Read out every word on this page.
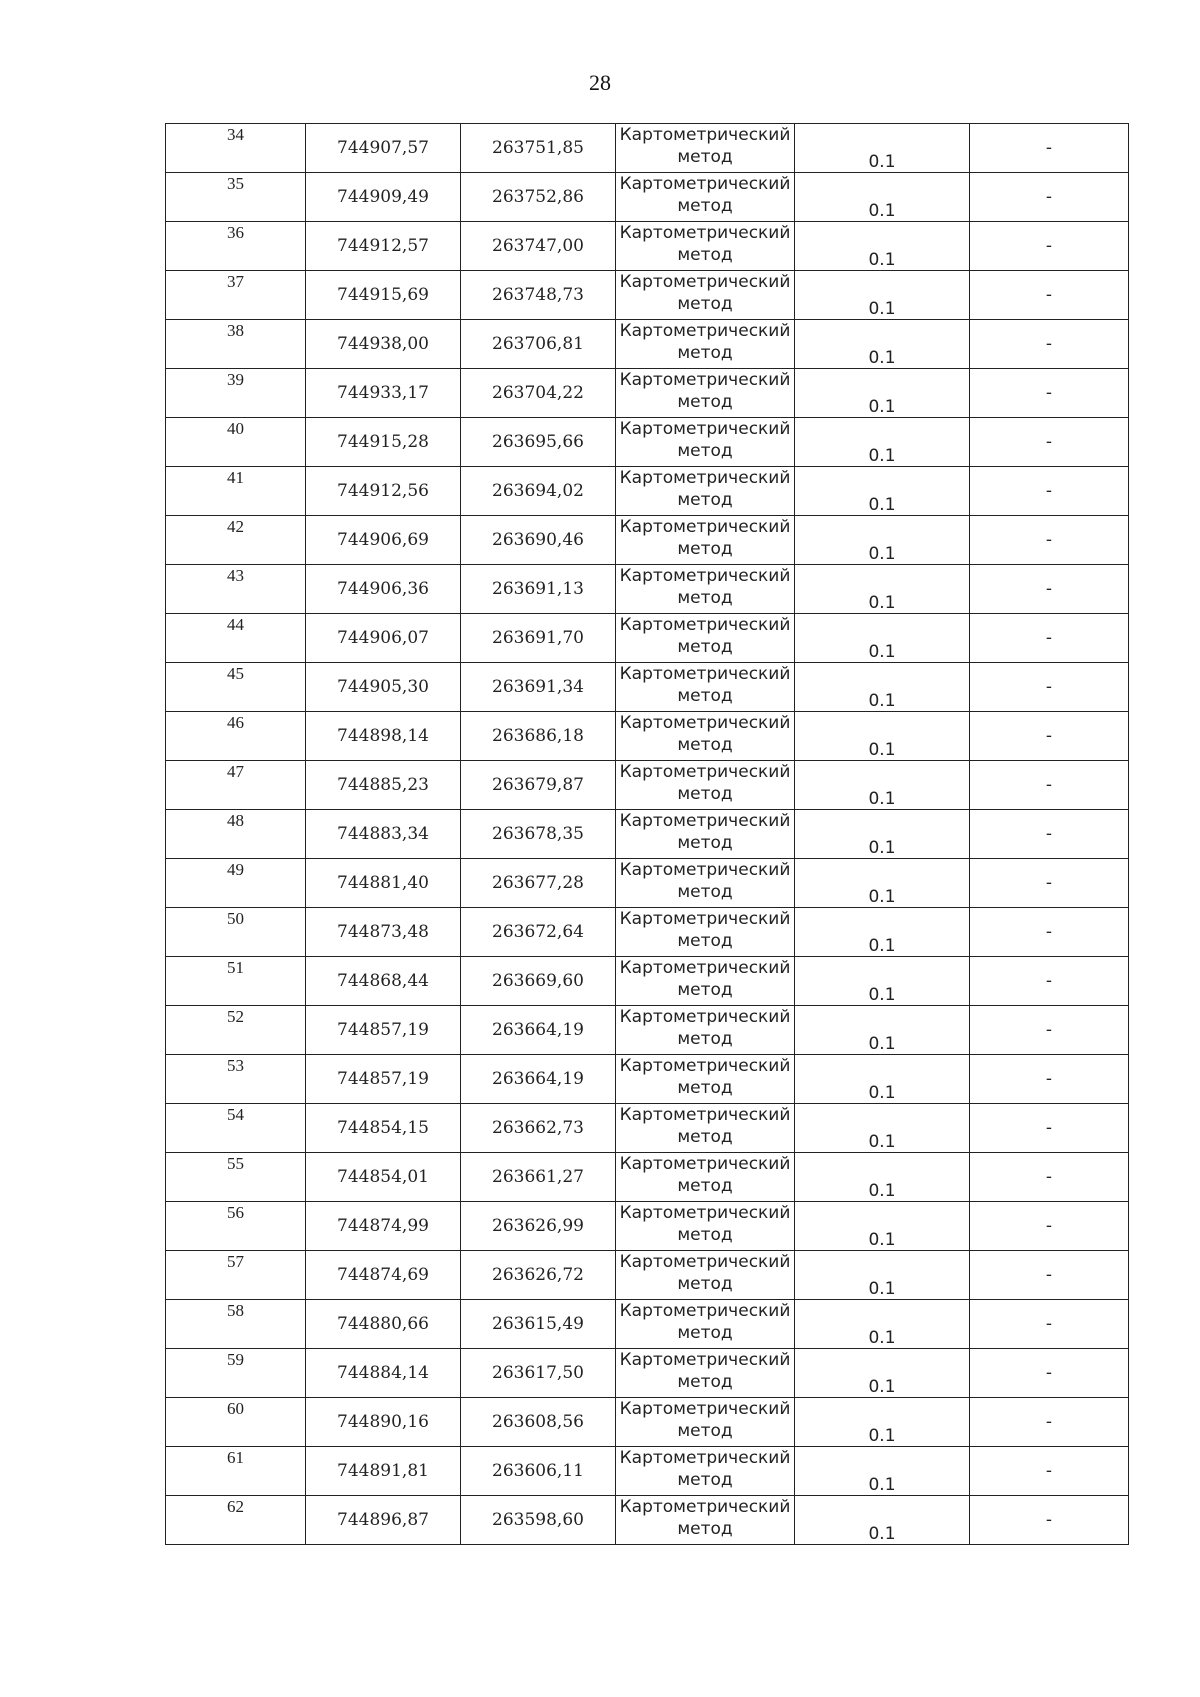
28
34	744907,57	263751,85	Картометрический
метод	0.1	-
35	744909,49	263752,86	Картометрический
метод	0.1	-
36	744912,57	263747,00	Картометрический
метод	0.1	-
37	744915,69	263748,73	Картометрический
метод	0.1	-
38	744938,00	263706,81	Картометрический
метод	0.1	-
39	744933,17	263704,22	Картометрический
метод	0.1	-
40	744915,28	263695,66	Картометрический
метод	0.1	-
41	744912,56	263694,02	Картометрический
метод	0.1	-
42	744906,69	263690,46	Картометрический
метод	0.1	-
43	744906,36	263691,13	Картометрический
метод	0.1	-
44	744906,07	263691,70	Картометрический
метод	0.1	-
45	744905,30	263691,34	Картометрический
метод	0.1	-
46	744898,14	263686,18	Картометрический
метод	0.1	-
47	744885,23	263679,87	Картометрический
метод	0.1	-
48	744883,34	263678,35	Картометрический
метод	0.1	-
49	744881,40	263677,28	Картометрический
метод	0.1	-
50	744873,48	263672,64	Картометрический
метод	0.1	-
51	744868,44	263669,60	Картометрический
метод	0.1	-
52	744857,19	263664,19	Картометрический
метод	0.1	-
53	744857,19	263664,19	Картометрический
метод	0.1	-
54	744854,15	263662,73	Картометрический
метод	0.1	-
55	744854,01	263661,27	Картометрический
метод	0.1	-
56	744874,99	263626,99	Картометрический
метод	0.1	-
57	744874,69	263626,72	Картометрический
метод	0.1	-
58	744880,66	263615,49	Картометрический
метод	0.1	-
59	744884,14	263617,50	Картометрический
метод	0.1	-
60	744890,16	263608,56	Картометрический
метод	0.1	-
61	744891,81	263606,11	Картометрический
метод	0.1	-
62	744896,87	263598,60	Картометрический
метод	0.1	-
